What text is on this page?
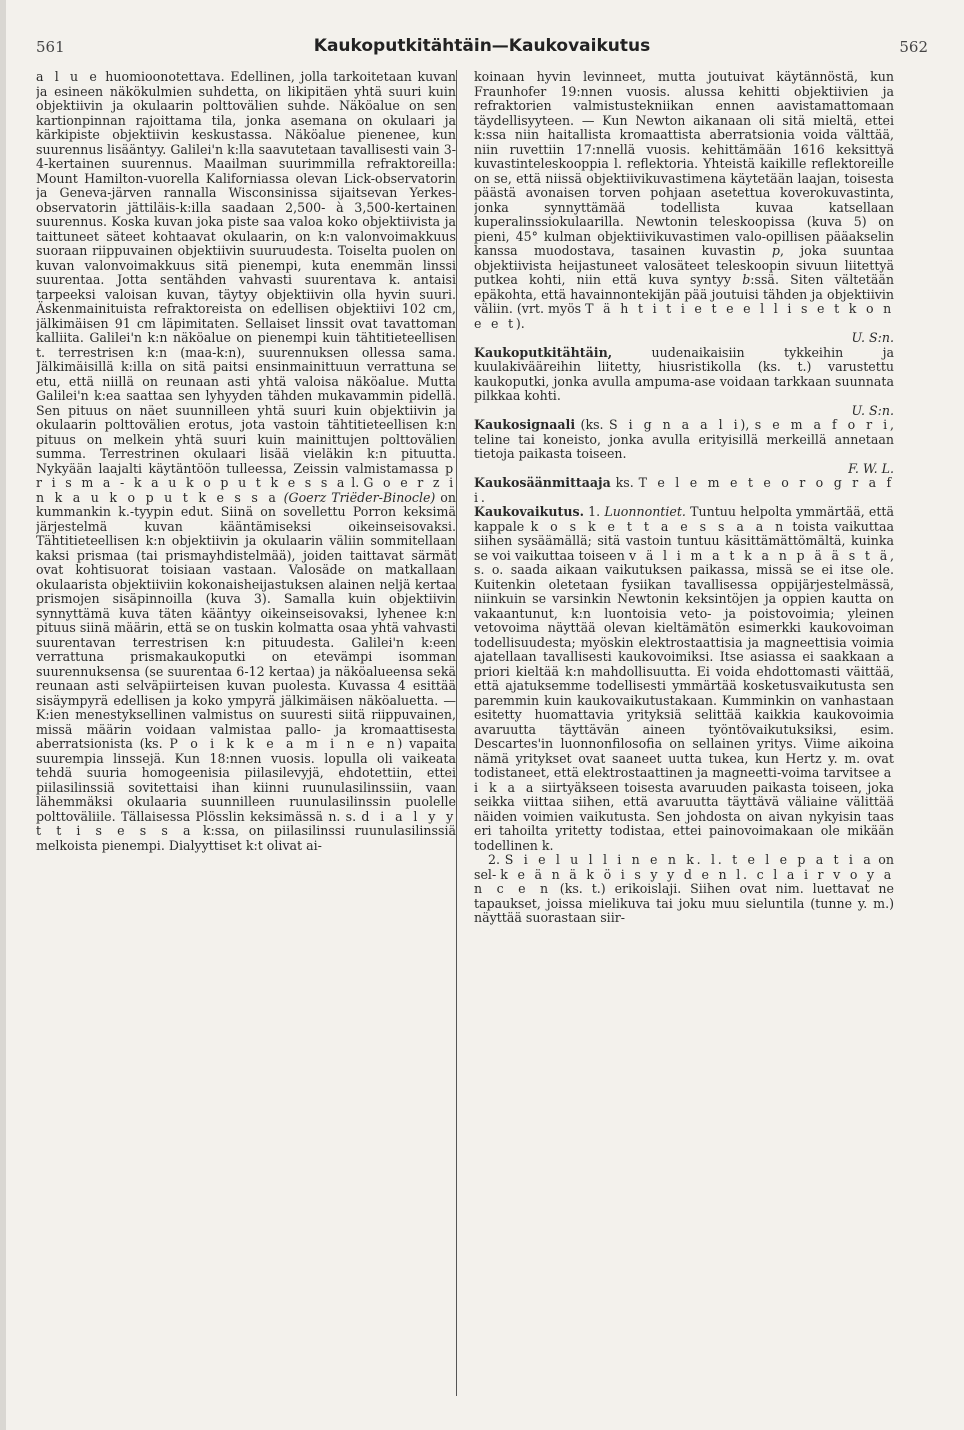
561	Kaukoputkitähtäin—Kaukovaikutus	562

a l u e huomioonotettava. Edellinen, jolla tarkoitetaan kuvan ja esineen näkökulmien suhdetta, on likipitäen yhtä suuri kuin objektiivin ja okulaarin polttovälien suhde. Näköalue on sen kartionpinnan rajoittama tila, jonka asemana on okulaari ja kärkipiste objektiivin keskustassa. Näköalue pienenee, kun suurennus lisääntyy. Galilei'n k:lla saavutetaan tavallisesti vain 3-4-kertainen suurennus. Maailman suurimmilla refraktoreilla: Mount Hamilton-vuorella Kaliforniassa olevan Lick-observatorin ja Geneva-järven rannalla Wisconsinissa sijaitsevan Yerkes-observatorin jättiläis-k:illa saadaan 2,500- à 3,500-kertainen suurennus. Koska kuvan joka piste saa valoa koko objektiivista ja taittuneet säteet kohtaavat okulaarin, on k:n valonvoimakkuus suoraan riippuvainen objektiivin suuruudesta. Toiselta puolen on kuvan valonvoimakkuus sitä pienempi, kuta enemmän linssi suurentaa. Jotta sentähden vahvasti suurentava k. antaisi tarpeeksi valoisan kuvan, täytyy objektiivin olla hyvin suuri. Äskenmainituista refraktoreista on edellisen objektiivi 102 cm, jälkimäisen 91 cm läpimitaten. Sellaiset linssit ovat tavattoman kalliita. Galilei'n k:n näköalue on pienempi kuin tähtitieteellisen t. terrestrisen k:n (maa-k:n), suurennuksen ollessa sama. Jälkimäisillä k:illa on sitä paitsi ensinmainittuun verrattuna se etu, että niillä on reunaan asti yhtä valoisa näköalue. Mutta Galilei'n k:ea saattaa sen lyhyyden tähden mukavammin pidellä. Sen pituus on näet suunnilleen yhtä suuri kuin objektiivin ja okulaarin polttovälien erotus, jota vastoin tähtitieteellisen k:n pituus on melkein yhtä suuri kuin mainittujen polttovälien summa. Terrestrinen okulaari lisää vieläkin k:n pituutta. Nykyään laajalti käytäntöön tulleessa, Zeissin valmistamassa p r i s m a - k a u k o p u t k e s s a l. G o e r z i n k a u k o p u t k e s s a (Goerz Triëder-Binocle) on kummankin k.-tyypin edut. Siinä on sovellettu Porron keksimä järjestelmä kuvan kääntämiseksi oikeinseisovaksi. Tähtitieteellisen k:n objektiivin ja okulaarin väliin sommitellaan kaksi prismaa (tai prismayhdistelmää), joiden taittavat särmät ovat kohtisuorat toisiaan vastaan. Valosäde on matkallaan okulaarista objektiiviin kokonaisheijastuksen alainen neljä kertaa prismojen sisäpinnoilla (kuva 3). Samalla kuin objektiivin synnyttämä kuva täten kääntyy oikeinseisovaksi, lyhenee k:n pituus siinä määrin, että se on tuskin kolmatta osaa yhtä vahvasti suurentavan terrestrisen k:n pituudesta. Galilei'n k:een verrattuna prismakaukoputki on etevämpi isomman suurennuksensa (se suurentaa 6-12 kertaa) ja näköalueensa sekä reunaan asti selväpiirteisen kuvan puolesta. Kuvassa 4 esittää sisäympyrä edellisen ja koko ympyrä jälkimäisen näköaluetta. — K:ien menestyksellinen valmistus on suuresti siitä riippuvainen, missä määrin voidaan valmistaa pallo- ja kromaattisesta aberratsionista (ks. P o i k k e a m i n e n) vapaita suurempia linssejä. Kun 18:nnen vuosis. lopulla oli vaikeata tehdä suuria homogeenisia piilasilevyjä, ehdotettiin, ettei piilasilinssiä sovitettaisi ihan kiinni ruunulasilinssiin, vaan lähemmäksi okulaaria suunnilleen ruunulasilinssin puolelle polttoväliile. Tällaisessa Plösslin keksimässä n. s. d i a l y y t t i s e s s a k:ssa, on piilasilinssi ruunulasilinssiä melkoista pienempi. Dialyyttiset k:t olivat ai-

koinaan hyvin levinneet, mutta joutuivat käytännöstä, kun Fraunhofer 19:nnen vuosis. alussa kehitti objektiivien ja refraktorien valmistustekniikan ennen aavistamattomaan täydellisyyteen. — Kun Newton aikanaan oli sitä mieltä, ettei k:ssa niin haitallista kromaattista aberratsionia voida välttää, niin ruvettiin 17:nnellä vuosis. kehittämään 1616 keksittyä kuvastinteleskooppia l. reflektoria. Yhteistä kaikille reflektoreille on se, että niissä objektiivikuvastimena käytetään laajan, toisesta päästä avonaisen torven pohjaan asetettua koverokuvastinta, jonka synnyttämää todellista kuvaa katsellaan kuperalinssiokulaarilla. Newtonin teleskoopissa (kuva 5) on pieni, 45° kulman objektiivikuvastimen valo-opillisen pääakselin kanssa muodostava, tasainen kuvastin p, joka suuntaa objektiivista heijastuneet valosäteet teleskoopin sivuun liitettyä putkea kohti, niin että kuva syntyy b:ssä. Siten vältetään epäkohta, että havainnontekijän pää joutuisi tähden ja objektiivin väliin. (vrt. myös T ä h t i t i e t e e l l i s e t k o n e e t).
U. S:n.

Kaukoputkitähtäin, uudenaikaisiin tykkeihin ja kuulakivääreihin liitetty, hiusristikolla (ks. t.) varustettu kaukoputki, jonka avulla ampuma-ase voidaan tarkkaan suunnata pilkkaa kohti.
U. S:n.

Kaukosignaali (ks. S i g n a a l i), s e m a f o r i, teline tai koneisto, jonka avulla erityisillä merkeillä annetaan tietoja paikasta toiseen.
F. W. L.

Kaukosäänmittaaja ks. T e l e m e t e o r o g r a f i.

Kaukovaikutus. 1. Luonnontiet. Tuntuu helpolta ymmärtää, että kappale k o s k e t t a e s s a a n toista vaikuttaa siihen sysäämällä; sitä vastoin tuntuu käsittämättömältä, kuinka se voi vaikuttaa toiseen v ä l i m a t k a n p ä ä s t ä, s. o. saada aikaan vaikutuksen paikassa, missä se ei itse ole. Kuitenkin oletetaan fysiikan tavallisessa oppijärjestelmässä, niinkuin se varsinkin Newtonin keksintöjen ja oppien kautta on vakaantunut, k:n luontoisia veto- ja poistovoimia; yleinen vetovoima näyttää olevan kieltämätön esimerkki kaukovoiman todellisuudesta; myöskin elektrostaattisia ja magneettisia voimia ajatellaan tavallisesti kaukovoimiksi. Itse asiassa ei saakkaan a priori kieltää k:n mahdollisuutta. Ei voida ehdottomasti väittää, että ajatuksemme todellisesti ymmärtää kosketusvaikutusta sen paremmin kuin kaukovaikutustakaan. Kumminkin on vanhastaan esitetty huomattavia yrityksiä selittää kaikkia kaukovoimia avaruutta täyttävän aineen työntövaikutuksiksi, esim. Descartes'in luonnonfilosofia on sellainen yritys. Viime aikoina nämä yritykset ovat saaneet uutta tukea, kun Hertz y. m. ovat todistaneet, että elektrostaattinen ja magneetti-voima tarvitsee a i k a a siirtyäkseen toisesta avaruuden paikasta toiseen, joka seikka viittaa siihen, että avaruutta täyttävä väliaine välittää näiden voimien vaikutusta. Sen johdosta on aivan nykyisin taas eri tahoilta yritetty todistaa, ettei painovoimakaan ole mikään todellinen k.

2. S i e l u l l i n e n k. l. t e l e p a t i a on sel- k e ä n ä k ö i s y y d e n l. c l a i r v o y a n c e n (ks. t.) erikoislaji. Siihen ovat nim. luettavat ne tapaukset, joissa mielikuva tai joku muu sieluntila (tunne y. m.) näyttää suorastaan siir-
